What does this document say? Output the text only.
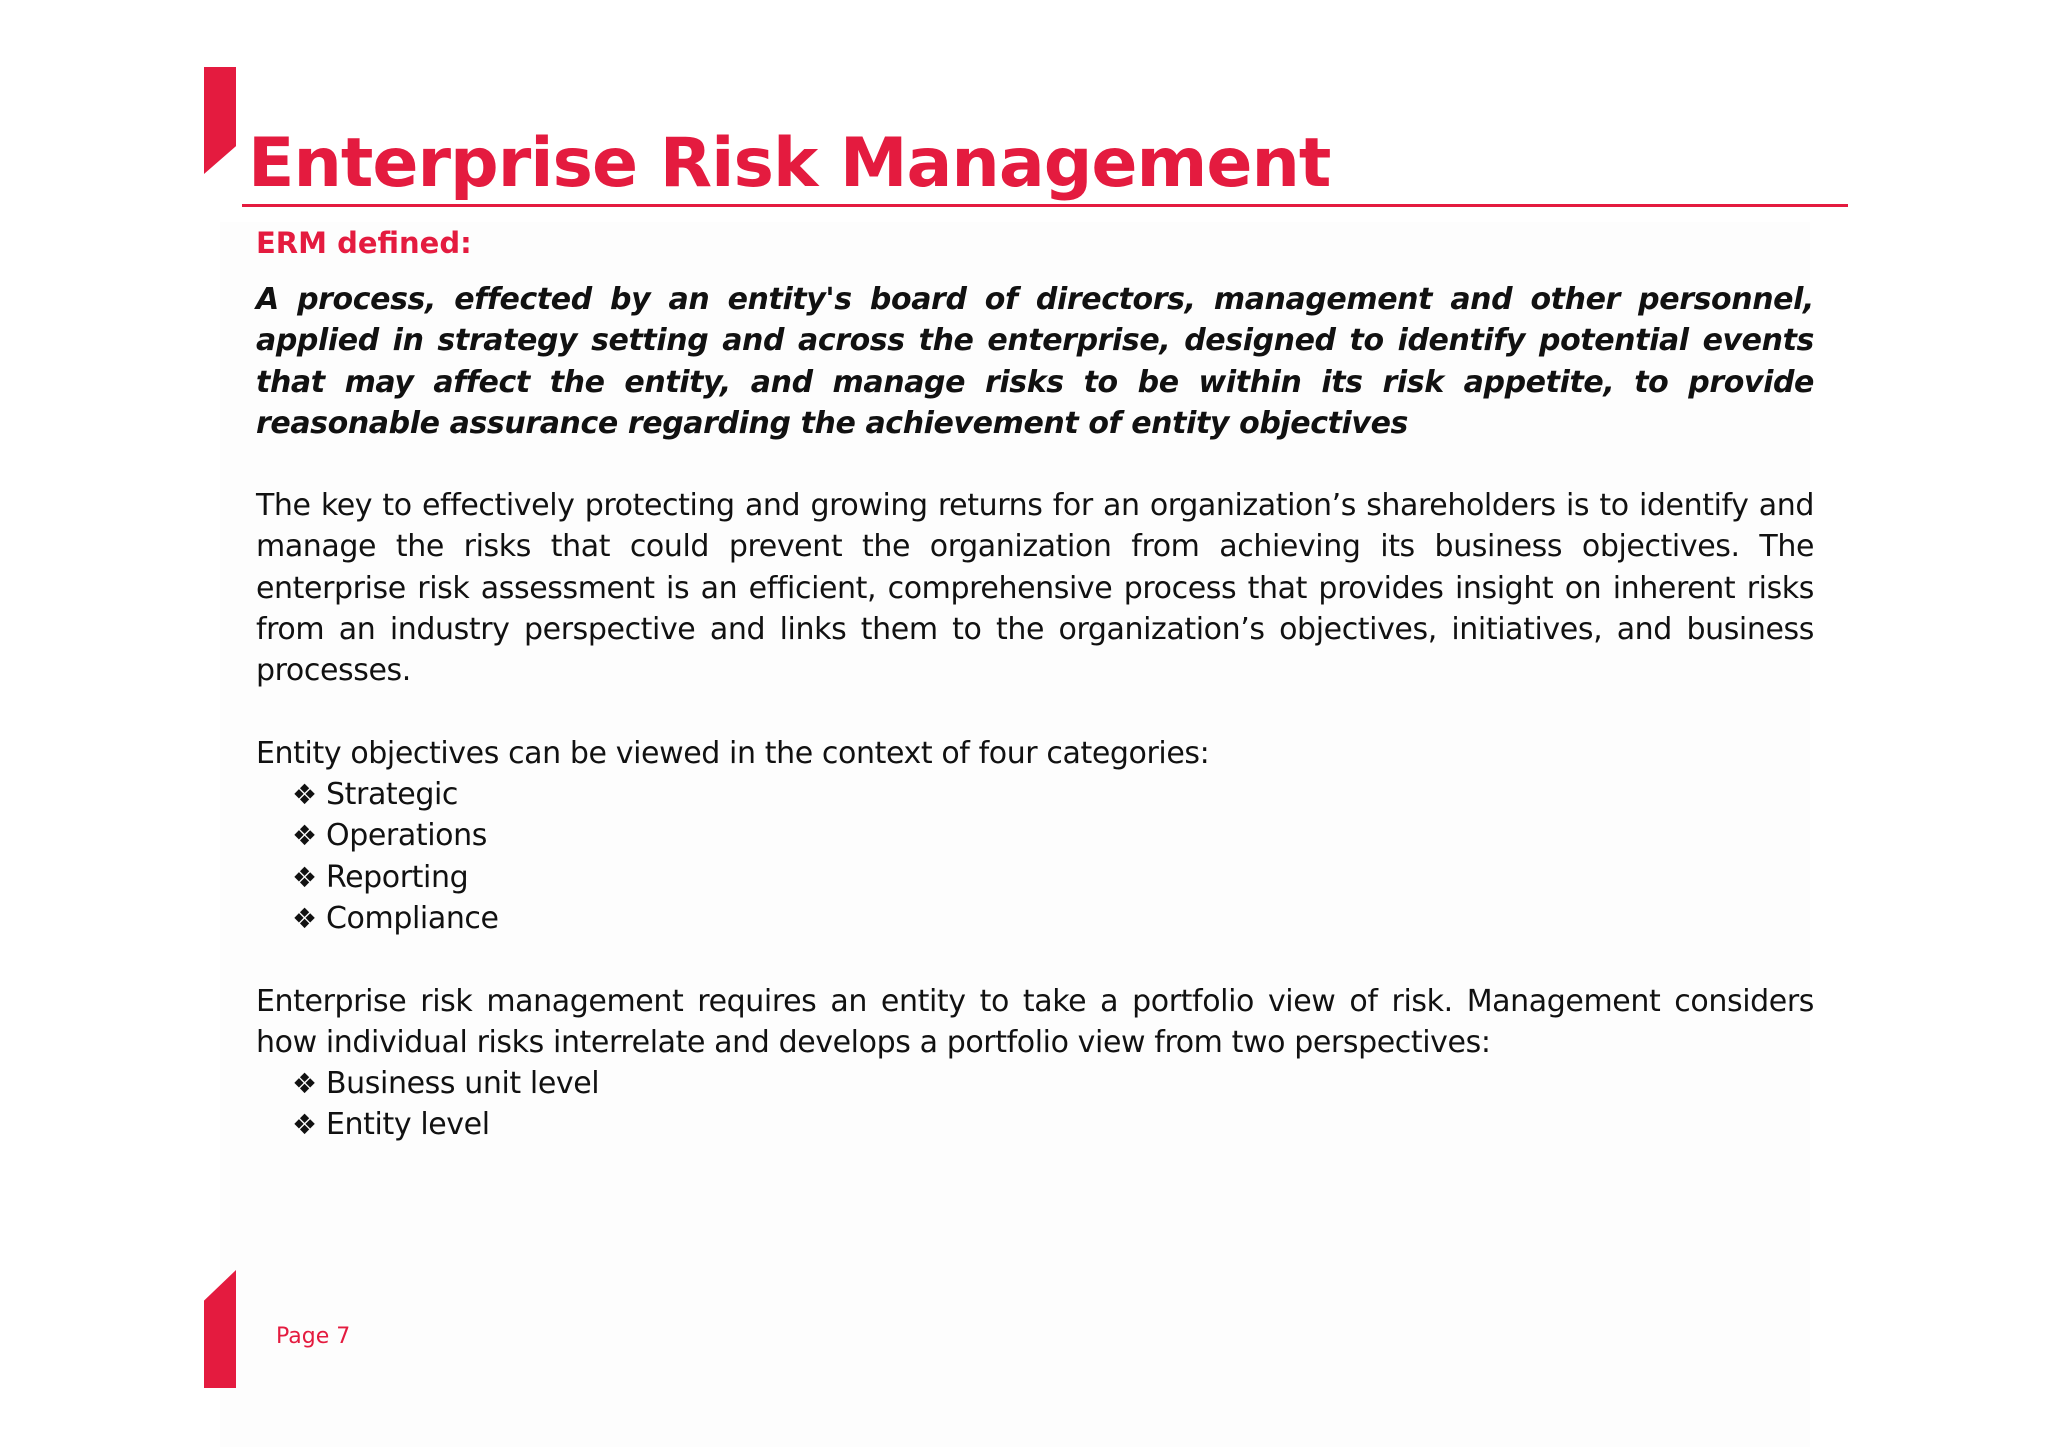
Enterprise Risk Management
ERM defined:

A process, effected by an entity's board of directors, management and other personnel, applied in strategy setting and across the enterprise, designed to identify potential events that may affect the entity, and manage risks to be within its risk appetite, to provide reasonable assurance regarding the achievement of entity objectives

The key to effectively protecting and growing returns for an organization’s shareholders is to identify and manage the risks that could prevent the organization from achieving its business objectives. The enterprise risk assessment is an efficient, comprehensive process that provides insight on inherent risks from an industry perspective and links them to the organization’s objectives, initiatives, and business processes.

Entity objectives can be viewed in the context of four categories:

❖ Strategic
❖ Operations
❖ Reporting
❖ Compliance

Enterprise risk management requires an entity to take a portfolio view of risk. Management considers how individual risks interrelate and develops a portfolio view from two perspectives:

❖ Business unit level
❖ Entity level
Page 7
